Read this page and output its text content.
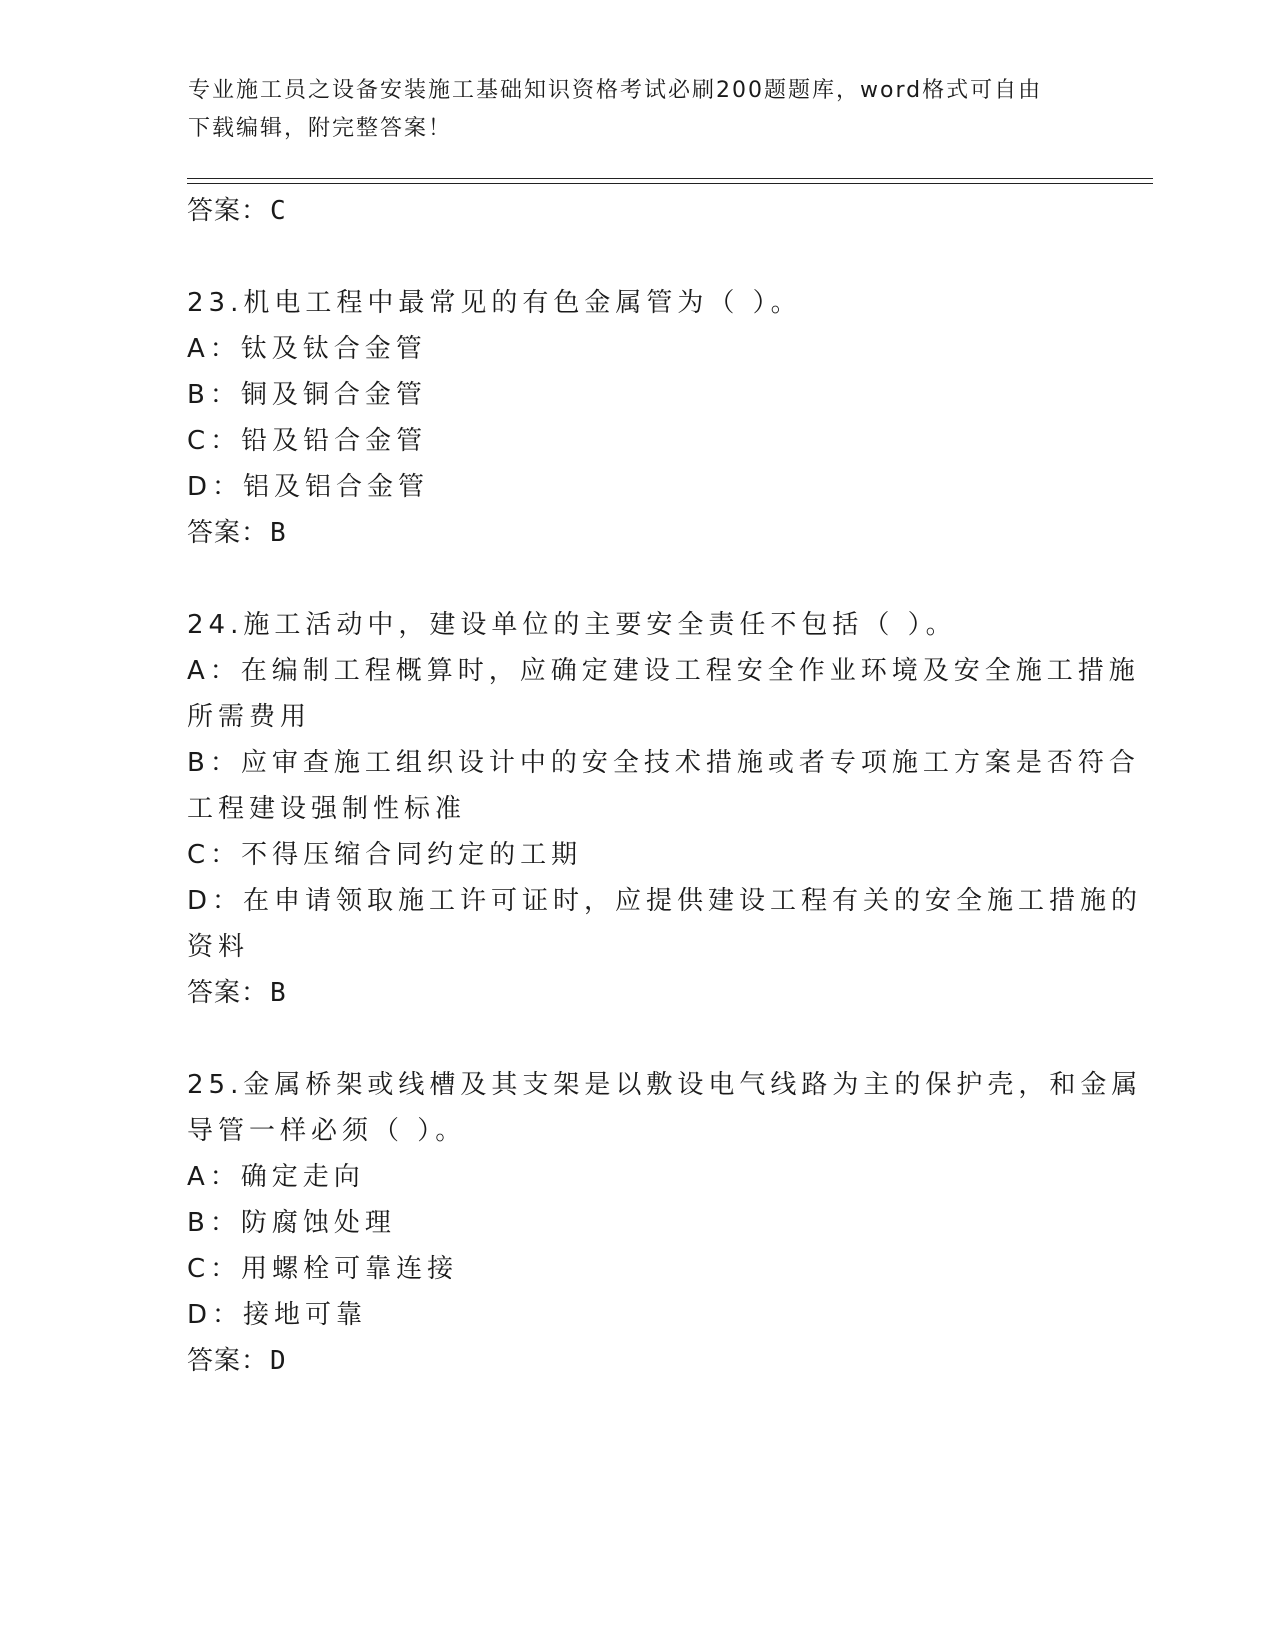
专业施工员之设备安装施工基础知识资格考试必刷200题题库，word格式可自由
下载编辑，附完整答案！
答案：C
23.机电工程中最常见的有色金属管为（ ）。
A：钛及钛合金管
B：铜及铜合金管
C：铅及铅合金管
D：铝及铝合金管
答案：B
24.施工活动中，建设单位的主要安全责任不包括（ ）。
A：在编制工程概算时，应确定建设工程安全作业环境及安全施工措施
所需费用
B：应审查施工组织设计中的安全技术措施或者专项施工方案是否符合
工程建设强制性标准
C：不得压缩合同约定的工期
D：在申请领取施工许可证时，应提供建设工程有关的安全施工措施的
资料
答案：B
25.金属桥架或线槽及其支架是以敷设电气线路为主的保护壳，和金属
导管一样必须（ ）。
A：确定走向
B：防腐蚀处理
C：用螺栓可靠连接
D：接地可靠
答案：D
